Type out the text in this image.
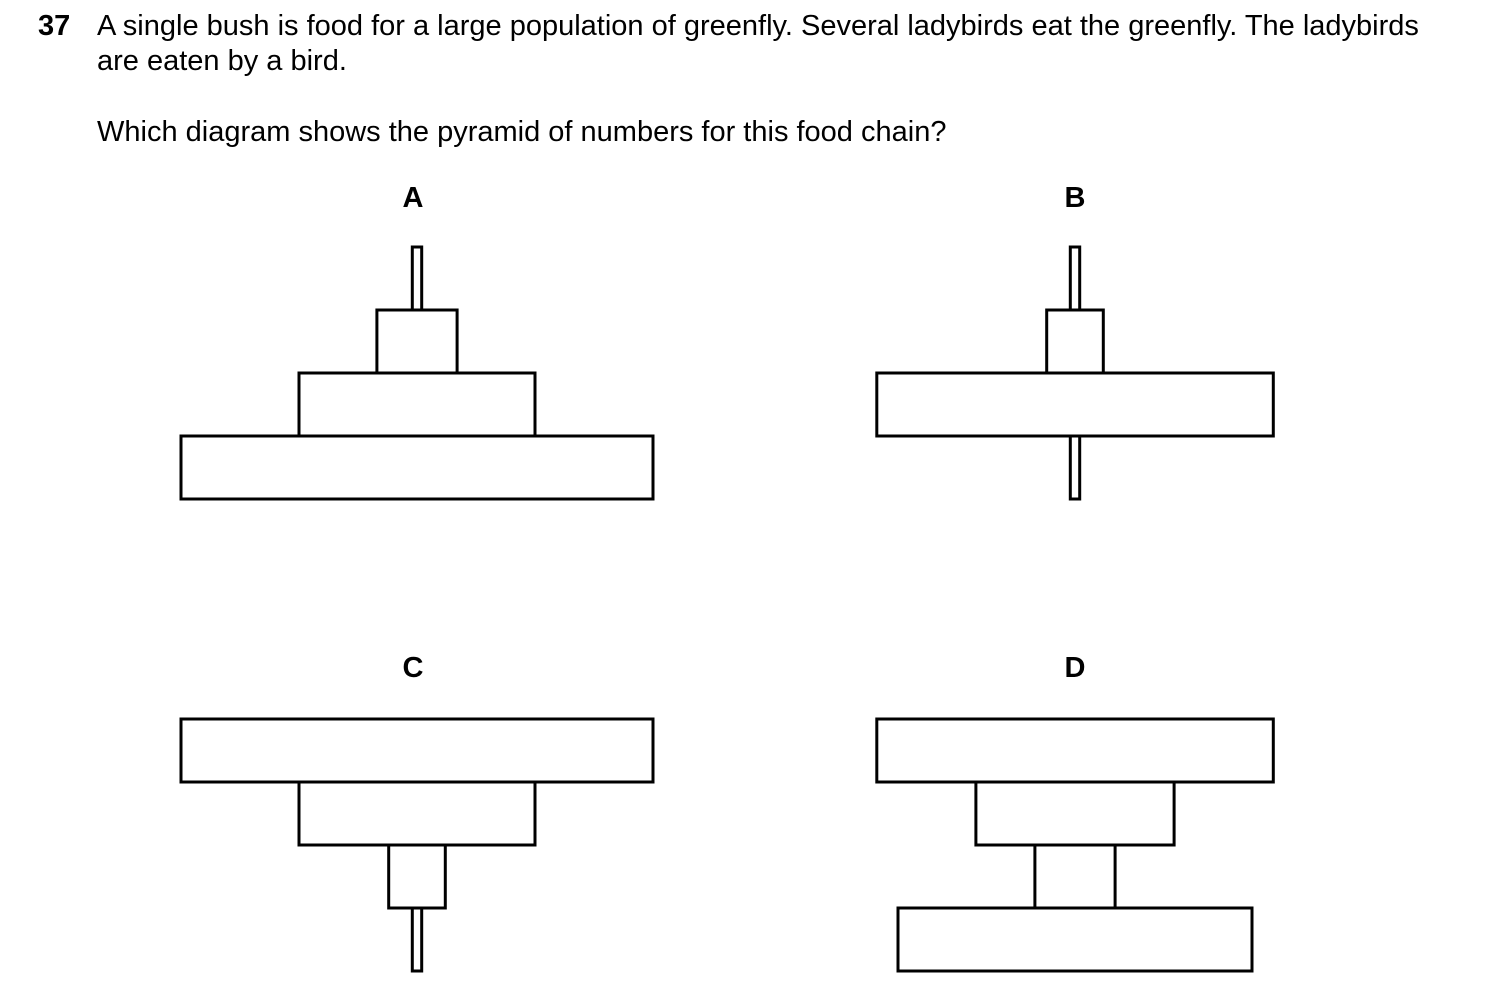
37 A single bush is food for a large population of greenfly. Several ladybirds eat the greenfly. The ladybirds are eaten by a bird.

Which diagram shows the pyramid of numbers for this food chain?

A	B
C	D
